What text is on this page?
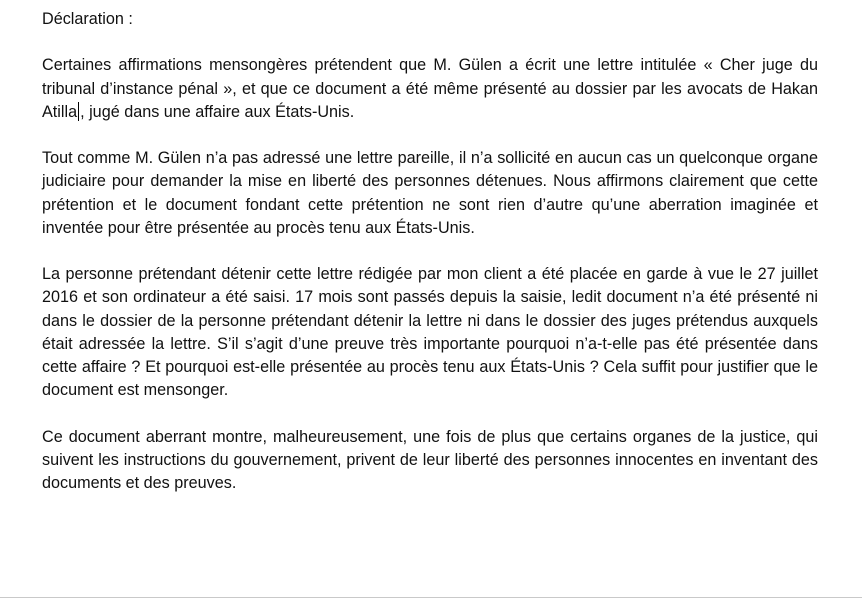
Déclaration :

Certaines affirmations mensongères prétendent que M. Gülen a écrit une lettre intitulée « Cher juge du tribunal d’instance pénal », et que ce document a été même présenté au dossier par les avocats de Hakan Atilla , jugé dans une affaire aux États-Unis.

Tout comme M. Gülen n’a pas adressé une lettre pareille, il n’a sollicité en aucun cas un quelconque organe judiciaire pour demander la mise en liberté des personnes détenues. Nous affirmons clairement que cette prétention et le document fondant cette prétention ne sont rien d’autre qu’une aberration imaginée et inventée pour être présentée au procès tenu aux États-Unis.

La personne prétendant détenir cette lettre rédigée par mon client a été placée en garde à vue le 27 juillet 2016 et son ordinateur a été saisi. 17 mois sont passés depuis la saisie, ledit document n’a été présenté ni dans le dossier de la personne prétendant détenir la lettre ni dans le dossier des juges prétendus auxquels était adressée la lettre. S’il s’agit d’une preuve très importante pourquoi n’a-t-elle pas été présentée dans cette affaire ? Et pourquoi est-elle présentée au procès tenu aux États-Unis ? Cela suffit pour justifier que le document est mensonger.

Ce document aberrant montre, malheureusement, une fois de plus que certains organes de la justice, qui suivent les instructions du gouvernement, privent de leur liberté des personnes innocentes en inventant des documents et des preuves.
